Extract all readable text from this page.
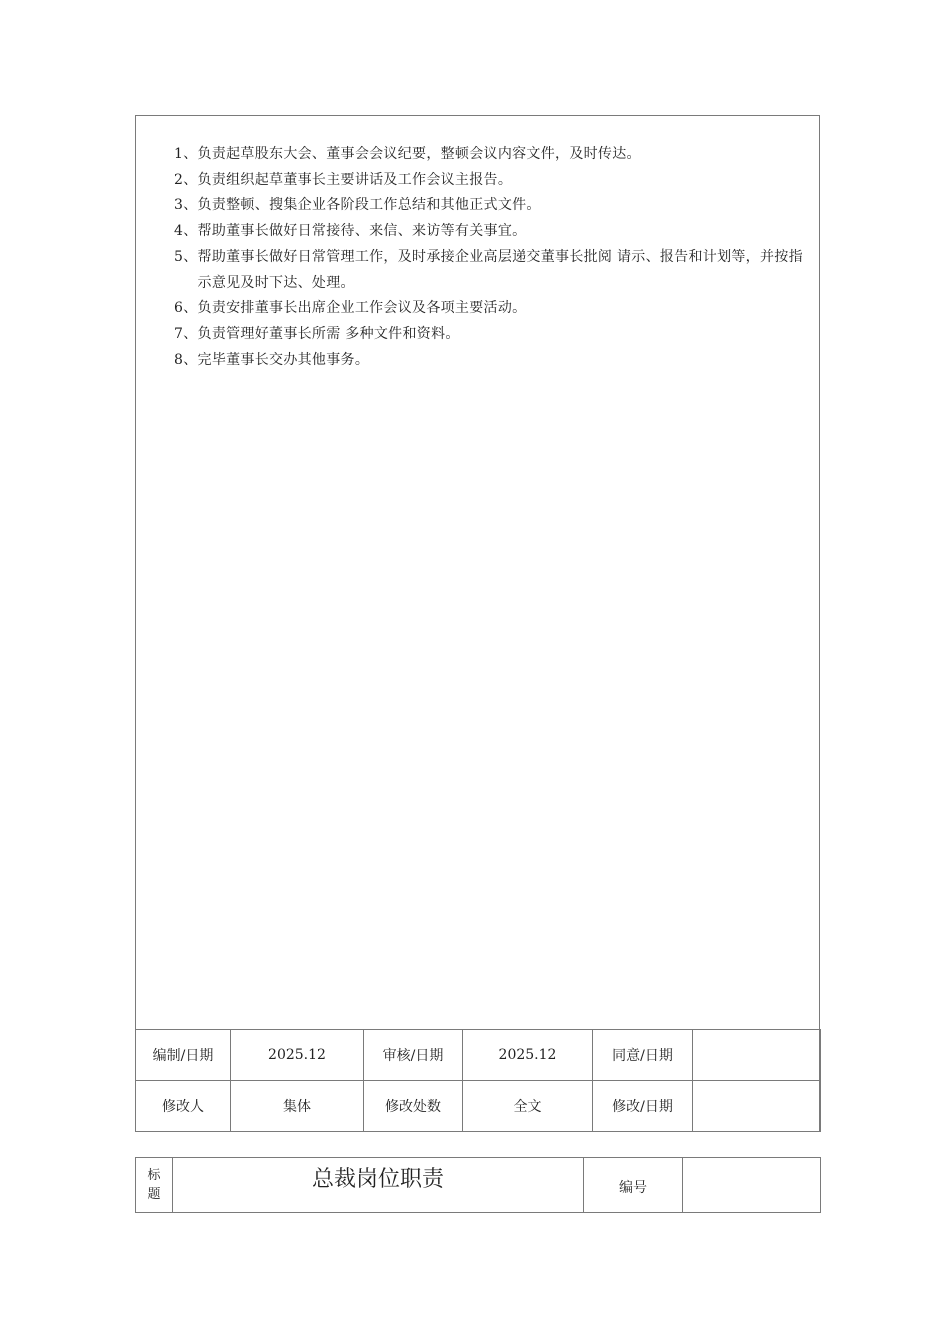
1、 负责起草股东大会、董事会会议纪要，整顿会议内容文件，及时传达。
2、 负责组织起草董事长主要讲话及工作会议主报告。
3、 负责整顿、搜集企业各阶段工作总结和其他正式文件。
4、 帮助董事长做好日常接待、来信、来访等有关事宜。
5、 帮助董事长做好日常管理工作，及时承接企业高层递交董事长批阅 请示、报告和计划等，并按指示意见及时下达、处理。
6、 负责安排董事长出席企业工作会议及各项主要活动。
7、 负责管理好董事长所需 多种文件和资料。
8、 完毕董事长交办其他事务。
编制/日期	2025.12	审核/日期	2025.12	同意/日期	
修改人	集体	修改处数	全文	修改/日期	
标
题
	总裁岗位职责	编号	
